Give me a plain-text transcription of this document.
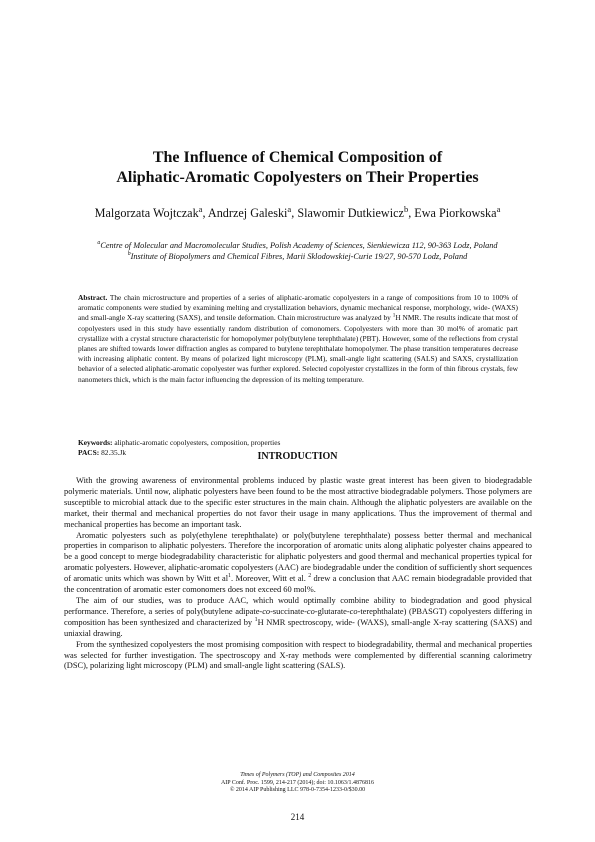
The Influence of Chemical Composition of
Aliphatic-Aromatic Copolyesters on Their Properties
Malgorzata Wojtczak$^a$, Andrzej Galeski$^a$, Slawomir Dutkiewicz$^b$, Ewa Piorkowska$^a$

$^a$Centre of Molecular and Macromolecular Studies, Polish Academy of Sciences, Sienkiewicza 112, 90-363 Lodz, Poland

$^b$Institute of Biopolymers and Chemical Fibres, Marii Sklodowskiej-Curie 19/27, 90-570 Lodz, Poland

Abstract. The chain microstructure and properties of a series of aliphatic-aromatic copolyesters in a range of compositions from 10 to 100% of aromatic components were studied by examining melting and crystallization behaviors, dynamic mechanical response, morphology, wide- (WAXS) and small-angle X-ray scattering (SAXS), and tensile deformation. Chain microstructure was analyzed by $^1$H NMR. The results indicate that most of copolyesters used in this study have essentially random distribution of comonomers. Copolyesters with more than 30 mol% of aromatic part crystallize with a crystal structure characteristic for homopolymer poly(butylene terephthalate) (PBT). However, some of the reflections from crystal planes are shifted towards lower diffraction angles as compared to butylene terephthalate homopolymer. The phase transition temperatures decrease with increasing aliphatic content. By means of polarized light microscopy (PLM), small-angle light scattering (SALS) and SAXS, crystallization behavior of a selected aliphatic-aromatic copolyester was further explored. Selected copolyester crystallizes in the form of thin fibrous crystals, few nanometers thick, which is the main factor influencing the depression of its melting temperature.

Keywords: aliphatic-aromatic copolyesters, composition, properties

PACS: 82.35.Jk	INTRODUCTION

With the growing awareness of environmental problems induced by plastic waste great interest has been given to biodegradable polymeric materials. Until now, aliphatic polyesters have been found to be the most attractive biodegradable polymers. Those polymers are susceptible to microbial attack due to the specific ester structures in the main chain. Although the aliphatic polyesters are available on the market, their thermal and mechanical properties do not favor their usage in many applications. Thus the improvement of thermal and mechanical properties has become an important task.

Aromatic polyesters such as poly(ethylene terephthalate) or poly(butylene terephthalate) possess better thermal and mechanical properties in comparison to aliphatic polyesters. Therefore the incorporation of aromatic units along aliphatic polyester chains appeared to be a good concept to merge biodegradability characteristic for aliphatic polyesters and good thermal and mechanical properties typical for aromatic polyesters. However, aliphatic-aromatic copolyesters (AAC) are biodegradable under the condition of sufficiently short sequences of aromatic units which was shown by Witt et $al^1$. Moreover, Witt et al. $^2$ drew a conclusion that AAC remain biodegradable provided that the concentration of aromatic ester comonomers does not exceed 60 mol%.

The aim of our studies, was to produce AAC, which would optimally combine ability to biodegradation and good physical performance. Therefore, a series of poly(butylene adipate-co-succinate-co-glutarate-co-terephthalate) (PBASGT) copolyesters differing in composition has been synthesized and characterized by $^1$H NMR spectroscopy, wide- (WAXS), small-angle X-ray scattering (SAXS) and uniaxial drawing.

From the synthesized copolyesters the most promising composition with respect to biodegradability, thermal and mechanical properties was selected for further investigation. The spectroscopy and X-ray methods were complemented by differential scanning calorimetry (DSC), polarizing light microscopy (PLM) and small-angle light scattering (SALS).

Times of Polymers (TOP) and Composites 2014

AIP Conf. Proc. 1599, 214-217 (2014); doi: 10.1063/1.4876816

© 2014 AIP Publishing LLC 978-0-7354-1233-0/$30.00

214
